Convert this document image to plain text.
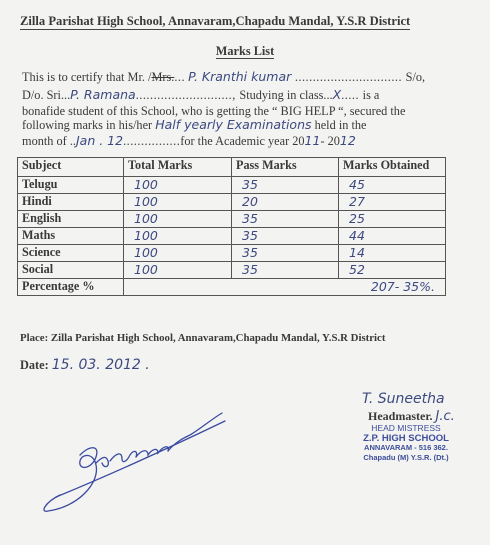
Zilla Parishat High School, Annavaram,Chapadu Mandal, Y.S.R District
Marks List
This is to certify that Mr. /Mrs.... P. Kranthi kumar .............................. S/o,
D/o. Sri...P. Ramana..........................., Studying in class...X..... is a
bonafide student of this School, who is getting the “ BIG HELP “, secured the
following marks in his/her Half yearly Examinations held in the
month of ..Jan . 12................for the Academic year 2011- 2012
Subject	Total Marks	Pass Marks	Marks Obtained
Telugu	100	35	45
Hindi	100	20	27
English	100	35	25
Maths	100	35	44
Science	100	35	14
Social	100	35	52
Percentage %	207- 35%.		
Place: Zilla Parishat High School, Annavaram,Chapadu Mandal, Y.S.R District
Date: 15. 03. 2012 .
T. Suneetha
Headmaster. J.c.
HEAD MISTRESS
Z.P. HIGH SCHOOL
ANNAVARAM - 516 362.
Chapadu (M) Y.S.R. (Dt.)
